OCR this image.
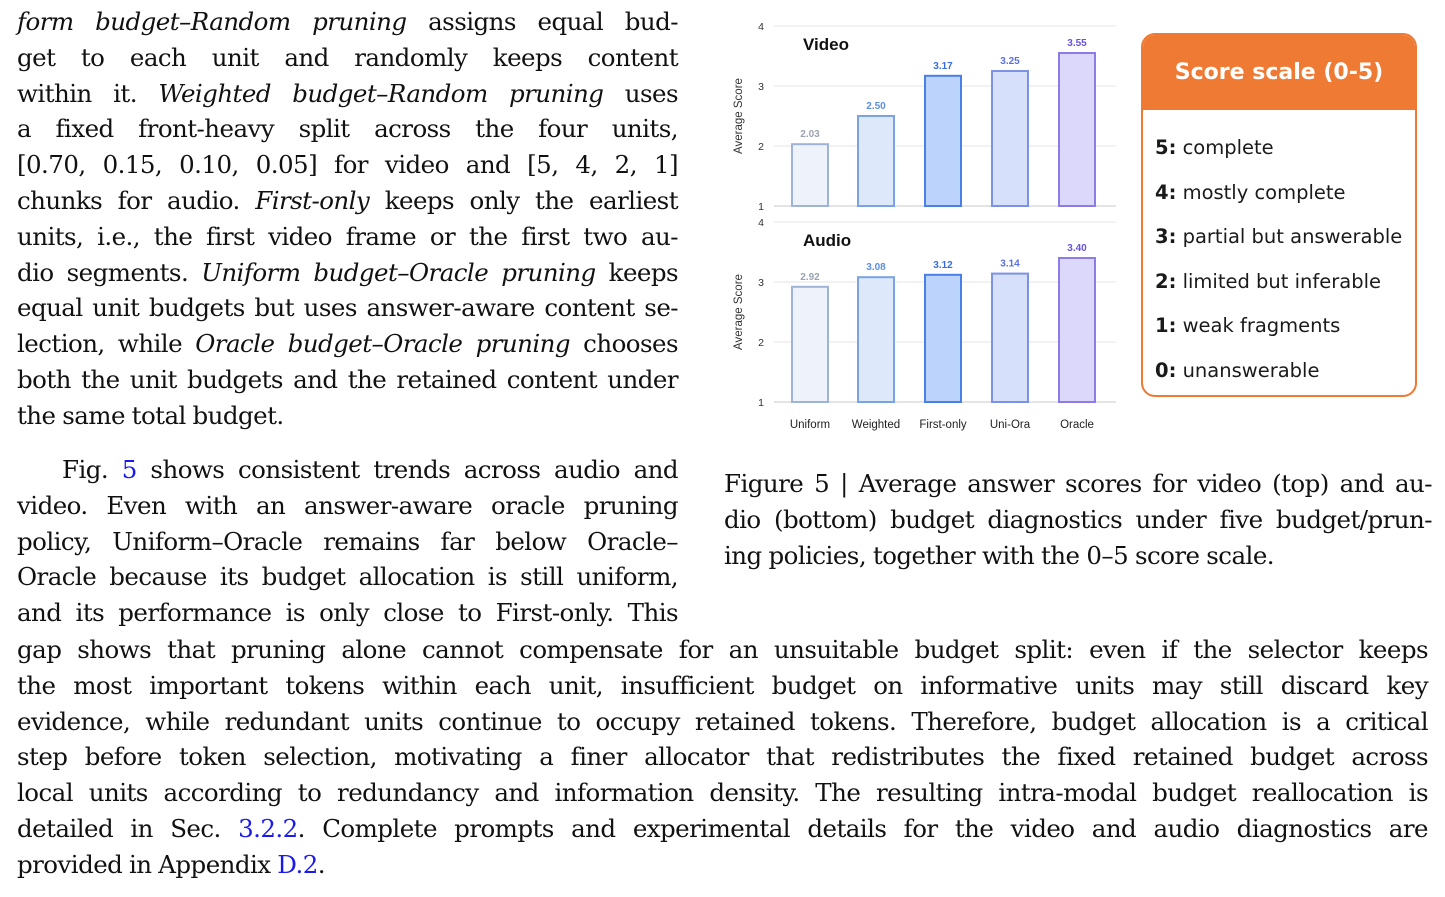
form budget–Random pruning assigns equal bud-
get to each unit and randomly keeps content
within it. Weighted budget–Random pruning uses
a fixed front-heavy split across the four units,
[0.70, 0.15, 0.10, 0.05] for video and [5, 4, 2, 1]
chunks for audio. First-only keeps only the earliest
units, i.e., the first video frame or the first two au-
dio segments. Uniform budget–Oracle pruning keeps
equal unit budgets but uses answer-aware content se-
lection, while Oracle budget–Oracle pruning chooses
both the unit budgets and the retained content under
the same total budget.
Fig. 5 shows consistent trends across audio and
video. Even with an answer-aware oracle pruning
policy, Uniform–Oracle remains far below Oracle–
Oracle because its budget allocation is still uniform,
and its performance is only close to First-only. This
gap shows that pruning alone cannot compensate for an unsuitable budget split: even if the selector keeps
the most important tokens within each unit, insufficient budget on informative units may still discard key
evidence, while redundant units continue to occupy retained tokens. Therefore, budget allocation is a critical
step before token selection, motivating a finer allocator that redistributes the fixed retained budget across
local units according to redundancy and information density. The resulting intra-modal budget reallocation is
detailed in Sec. 3.2.2. Complete prompts and experimental details for the video and audio diagnostics are
provided in Appendix D.2.
1
2
3
4
Average Score
Video
2.03
2.50
3.17	3.25
3.55
1
2
3
4
Average Score
Audio
2.92
3.08	3.12	3.14
3.40
Uniform Weighted First-only Uni-Ora	Oracle
Score scale (0-5)
5: complete
4: mostly complete
3: partial but answerable
2: limited but inferable
1: weak fragments
0: unanswerable
Figure 5 | Average answer scores for video (top) and au-
dio (bottom) budget diagnostics under five budget/prun-
ing policies, together with the 0–5 score scale.
